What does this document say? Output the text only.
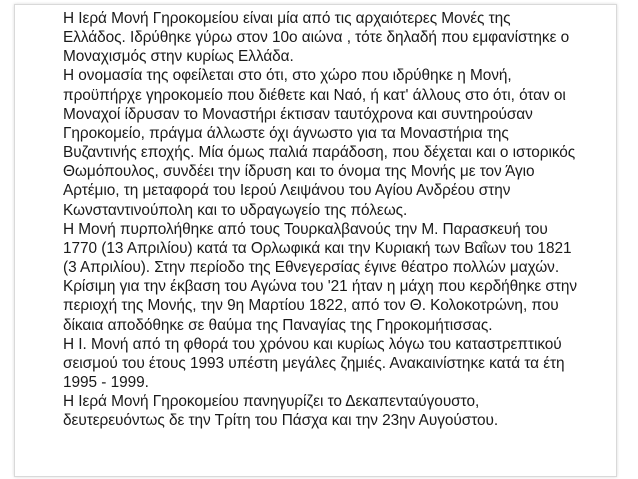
Η Ιερά Μονή Γηροκομείου είναι μία από τις αρχαιότερες Μονές της
Ελλάδος. Ιδρύθηκε γύρω στον 10ο αιώνα , τότε δηλαδή που εμφανίστηκε ο
Μοναχισμός στην κυρίως Ελλάδα.
Η ονομασία της οφείλεται στο ότι, στο χώρο που ιδρύθηκε η Μονή,
προϋπήρχε γηροκομείο που διέθετε και Ναό, ή κατ' άλλους στο ότι, όταν οι
Μοναχοί ίδρυσαν το Μοναστήρι έκτισαν ταυτόχρονα και συντηρούσαν
Γηροκομείο, πράγμα άλλωστε όχι άγνωστο για τα Μοναστήρια της
Βυζαντινής εποχής. Μία όμως παλιά παράδοση, που δέχεται και ο ιστορικός
Θωμόπουλος, συνδέει την ίδρυση και το όνομα της Μονής με τον Άγιο
Αρτέμιο, τη μεταφορά του Ιερού Λειψάνου του Αγίου Ανδρέου στην
Κωνσταντινούπολη και το υδραγωγείο της πόλεως.
Η Μονή πυρπολήθηκε από τους Τουρκαλβανούς την Μ. Παρασκευή του
1770 (13 Απριλίου) κατά τα Ορλωφικά και την Κυριακή των Βαΐων του 1821
(3 Απριλίου). Στην περίοδο της Εθνεγερσίας έγινε θέατρο πολλών μαχών.
Κρίσιμη για την έκβαση του Αγώνα του '21 ήταν η μάχη που κερδήθηκε στην
περιοχή της Μονής, την 9η Μαρτίου 1822, από τον Θ. Κολοκοτρώνη, που
δίκαια αποδόθηκε σε θαύμα της Παναγίας της Γηροκομήτισσας.
Η Ι. Μονή από τη φθορά του χρόνου και κυρίως λόγω του καταστρεπτικού
σεισμού του έτους 1993 υπέστη μεγάλες ζημιές. Ανακαινίστηκε κατά τα έτη
1995 - 1999.
Η Ιερά Μονή Γηροκομείου πανηγυρίζει το Δεκαπενταύγουστο,
δευτερευόντως δε την Τρίτη του Πάσχα και την 23ην Αυγούστου.
